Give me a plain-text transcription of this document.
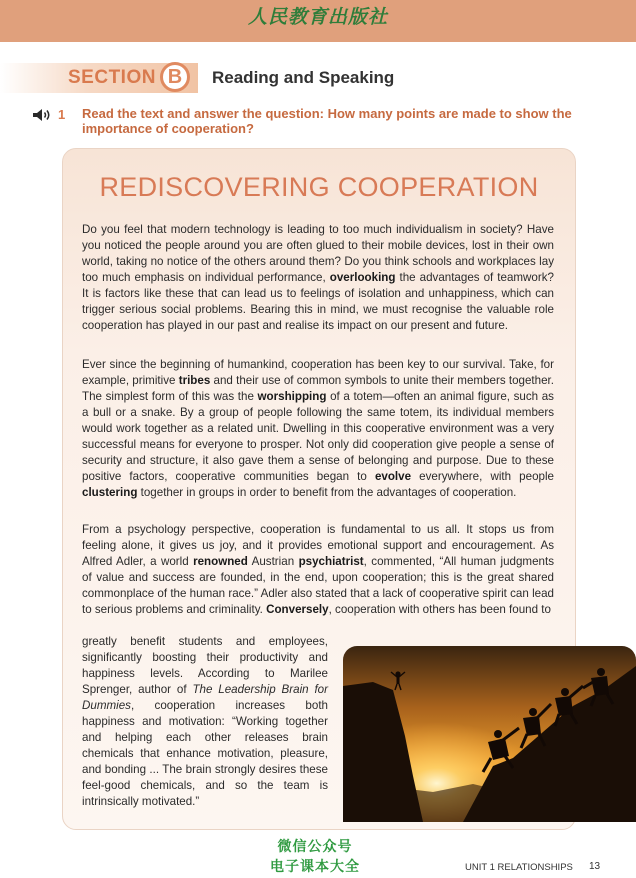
人民教育出版社
SECTION B	Reading and Speaking
1 Read the text and answer the question: How many points are made to show the importance of cooperation?
REDISCOVERING COOPERATION

Do you feel that modern technology is leading to too much individualism in society? Have you noticed the people around you are often glued to their mobile devices, lost in their own world, taking no notice of the others around them? Do you think schools and workplaces lay too much emphasis on individual performance, overlooking the advantages of teamwork? It is factors like these that can lead us to feelings of isolation and unhappiness, which can trigger serious social problems. Bearing this in mind, we must recognise the valuable role cooperation has played in our past and realise its impact on our present and future.

Ever since the beginning of humankind, cooperation has been key to our survival. Take, for example, primitive tribes and their use of common symbols to unite their members together. The simplest form of this was the worshipping of a totem—often an animal figure, such as a bull or a snake. By a group of people following the same totem, its individual members would work together as a related unit. Dwelling in this cooperative environment was a very successful means for everyone to prosper. Not only did cooperation give people a sense of security and structure, it also gave them a sense of belonging and purpose. Due to these positive factors, cooperative communities began to evolve everywhere, with people clustering together in groups in order to benefit from the advantages of cooperation.

From a psychology perspective, cooperation is fundamental to us all. It stops us from feeling alone, it gives us joy, and it provides emotional support and encouragement. As Alfred Adler, a world renowned Austrian psychiatrist, commented, “All human judgments of value and success are founded, in the end, upon cooperation; this is the great shared commonplace of the human race.” Adler also stated that a lack of cooperative spirit can lead to serious problems and criminality. Conversely, cooperation with others has been found to

greatly benefit students and employees, significantly boosting their productivity and happiness levels. According to Marilee Sprenger, author of The Leadership Brain for Dummies, cooperation increases both happiness and motivation: “Working together and helping each other releases brain chemicals that enhance motivation, pleasure, and bonding ... The brain strongly desires these feel-good chemicals, and so the team is intrinsically motivated.”

微信公众号
电子课本大全	UNIT 1 RELATIONSHIPS 13
